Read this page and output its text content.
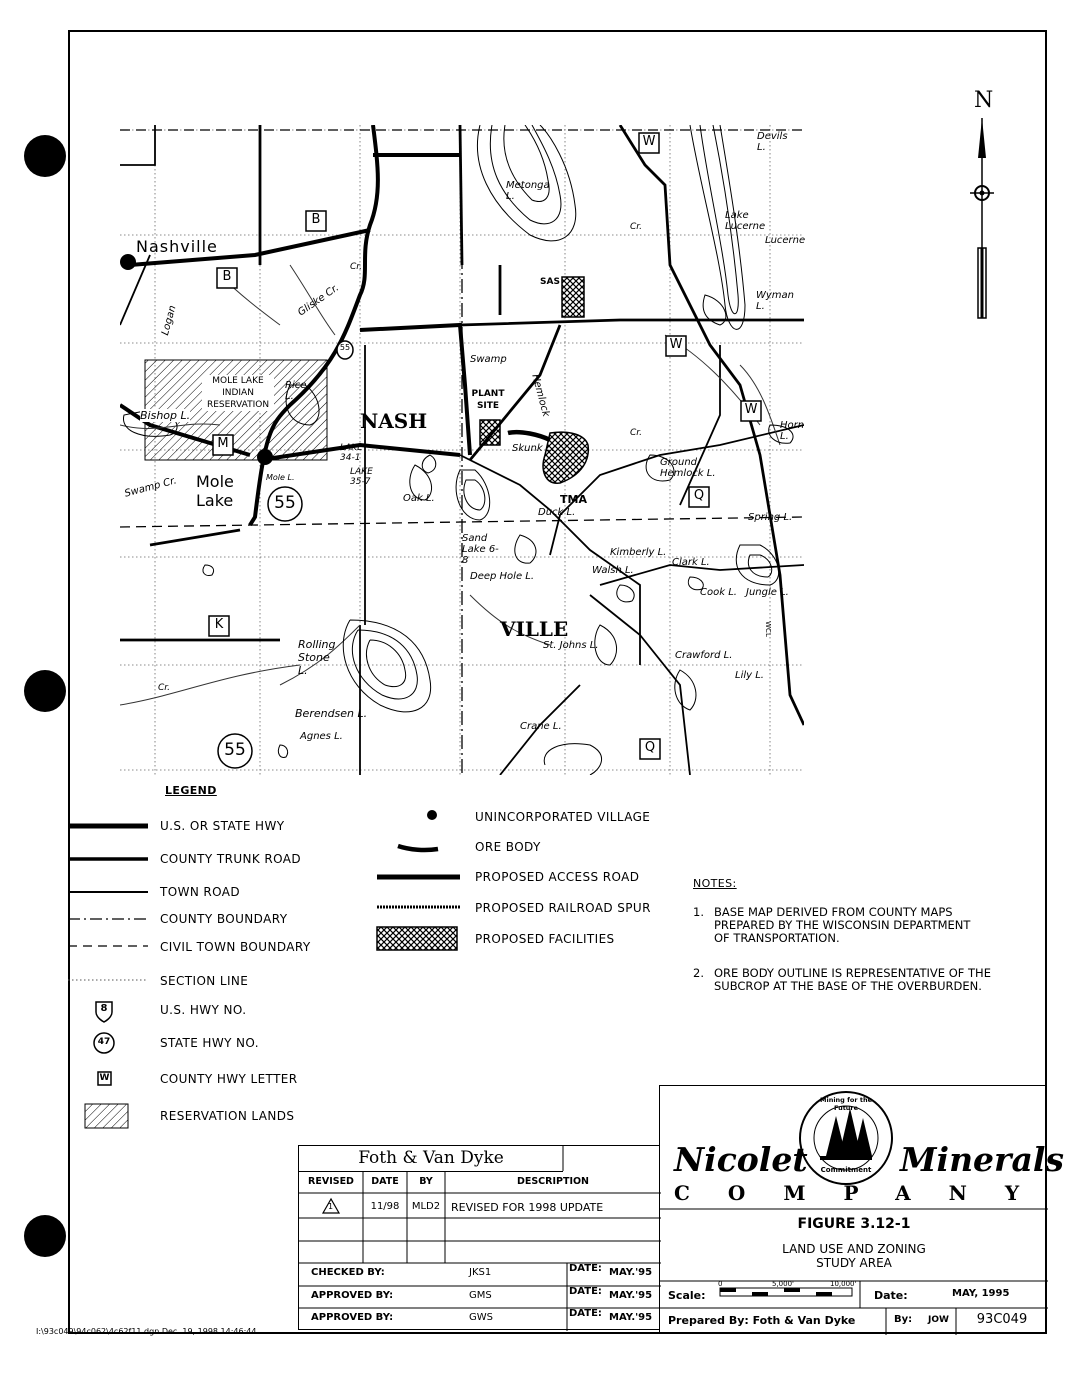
N
W
B
B
M
W
W
Q
K
Q
55
55
55
Nashville
NASH
VILLE
Mole Lake
MOLE LAKE INDIAN RESERVATION
PLANT SITE
TMA
SAS
Hemlock
WCL
Metonga L.
Devils L.
Lake Lucerne
Lucerne
Wyman L.
Bishop L.
Rice L.
Mole L.
LAKE 34-1
LAKE 35-7
Oak L.
Skunk L.
Duck L.
Ground Hemlock L.
Spring L.
Horn L.
Sand Lake 6-8
Deep Hole L.
Kimberly L.
Walsh L.
Clark L.
Cook L. Jungle L.
St. Johns L.
Crawford L.
Lily L.
Rolling Stone L.
Berendsen L.
Agnes L.
Crane L.
Logan
Gliske Cr.
Swamp Cr.
Swamp
Cr.
Cr.
Cr.
Cr.
LEGEND
U.S. OR STATE HWY
COUNTY TRUNK ROAD
TOWN ROAD
COUNTY BOUNDARY
CIVIL TOWN BOUNDARY
SECTION LINE
U.S. HWY NO.
STATE HWY NO.
COUNTY HWY LETTER
RESERVATION LANDS
8
47
W
UNINCORPORATED VILLAGE
ORE BODY
PROPOSED ACCESS ROAD
PROPOSED RAILROAD SPUR
PROPOSED FACILITIES
NOTES:
1. BASE MAP DERIVED FROM COUNTY MAPS
PREPARED BY THE WISCONSIN DEPARTMENT
OF TRANSPORTATION.
2. ORE BODY OUTLINE IS REPRESENTATIVE OF THE
SUBCROP AT THE BASE OF THE OVERBURDEN.
Foth & Van Dyke
REVISED	DATE	BY	DESCRIPTION
1	11/98	MLD2 REVISED FOR 1998 UPDATE
CHECKED BY:	JKS1	DATE: MAY.'95
APPROVED BY:	GMS	DATE: MAY.'95
APPROVED BY:	GWS	DATE: MAY.'95
Mining for the Future
Commitment
Nicolet	Minerals
COMPANY
FIGURE 3.12-1
LAND USE AND ZONING
STUDY AREA
Scale:
0	5,000'	10,000'
Date:	MAY, 1995
Prepared By: Foth & Van Dyke	By: JOW	93C049
I:\93c049\94c062\4c62f11.dgn Dec. 19, 1998 14:46:44
